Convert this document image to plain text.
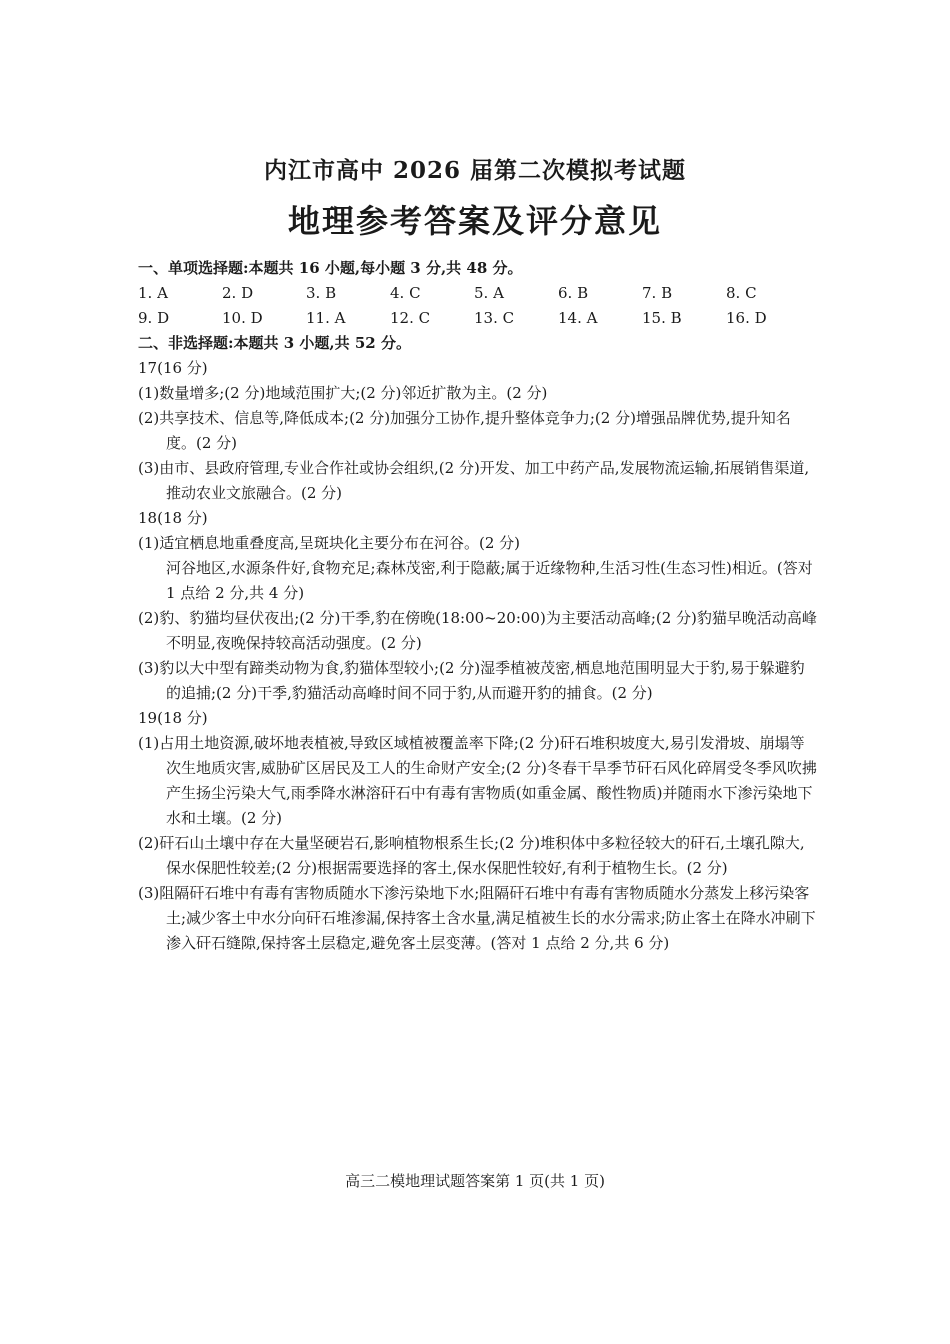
内江市高中 2026 届第二次模拟考试题
地理参考答案及评分意见
一、单项选择题:本题共 16 小题,每小题 3 分,共 48 分。
1. A	2. D	3. B	4. C	5. A	6. B	7. B	8. C
9. D	10. D	11. A	12. C	13. C	14. A	15. B	16. D
二、非选择题:本题共 3 小题,共 52 分。
17(16 分)
(1)数量增多;(2 分)地域范围扩大;(2 分)邻近扩散为主。(2 分)
(2)共享技术、信息等,降低成本;(2 分)加强分工协作,提升整体竞争力;(2 分)增强品牌优势,提升知名度。(2 分)
(3)由市、县政府管理,专业合作社或协会组织,(2 分)开发、加工中药产品,发展物流运输,拓展销售渠道,推动农业文旅融合。(2 分)
18(18 分)
(1)适宜栖息地重叠度高,呈斑块化主要分布在河谷。(2 分)
河谷地区,水源条件好,食物充足;森林茂密,利于隐蔽;属于近缘物种,生活习性(生态习性)相近。(答对 1 点给 2 分,共 4 分)
(2)豹、豹猫均昼伏夜出;(2 分)干季,豹在傍晚(18:00~20:00)为主要活动高峰;(2 分)豹猫早晚活动高峰不明显,夜晚保持较高活动强度。(2 分)
(3)豹以大中型有蹄类动物为食,豹猫体型较小;(2 分)湿季植被茂密,栖息地范围明显大于豹,易于躲避豹的追捕;(2 分)干季,豹猫活动高峰时间不同于豹,从而避开豹的捕食。(2 分)
19(18 分)
(1)占用土地资源,破坏地表植被,导致区域植被覆盖率下降;(2 分)矸石堆积坡度大,易引发滑坡、崩塌等次生地质灾害,威胁矿区居民及工人的生命财产安全;(2 分)冬春干旱季节矸石风化碎屑受冬季风吹拂产生扬尘污染大气,雨季降水淋溶矸石中有毒有害物质(如重金属、酸性物质)并随雨水下渗污染地下水和土壤。(2 分)
(2)矸石山土壤中存在大量坚硬岩石,影响植物根系生长;(2 分)堆积体中多粒径较大的矸石,土壤孔隙大,保水保肥性较差;(2 分)根据需要选择的客土,保水保肥性较好,有利于植物生长。(2 分)
(3)阻隔矸石堆中有毒有害物质随水下渗污染地下水;阻隔矸石堆中有毒有害物质随水分蒸发上移污染客土;减少客土中水分向矸石堆渗漏,保持客土含水量,满足植被生长的水分需求;防止客土在降水冲刷下渗入矸石缝隙,保持客土层稳定,避免客土层变薄。(答对 1 点给 2 分,共 6 分)
高三二模地理试题答案第 1 页(共 1 页)
